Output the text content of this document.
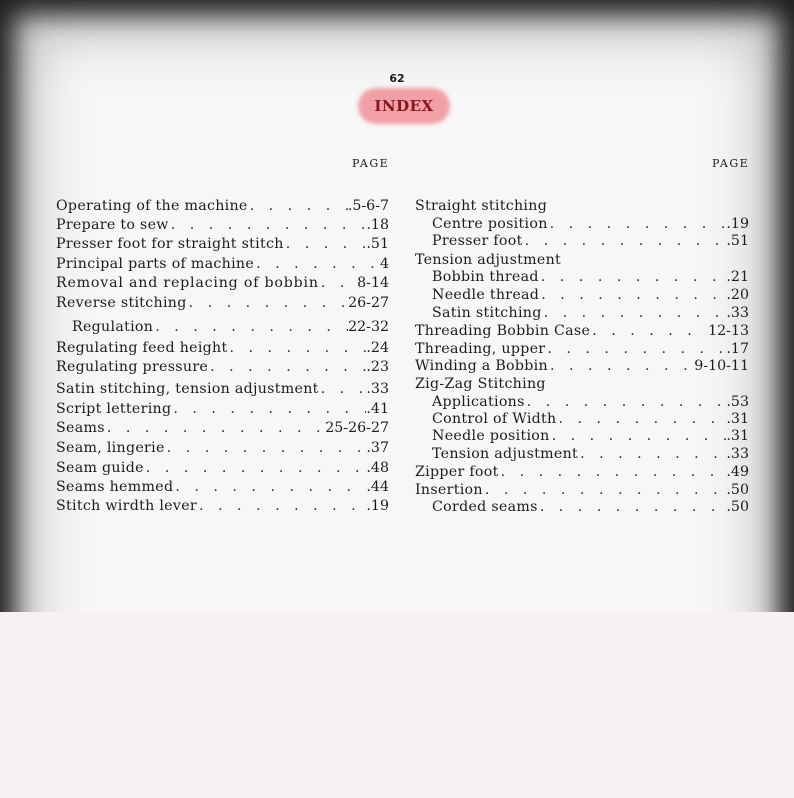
62
INDEX
PAGE	PAGE
Operating of the machine . . .	.5-6-7
Prepare to sew . . .	.18
Presser foot for straight stitch . . .	.51
Principal parts of machine . . .	4
Removal and replacing of bobbin . . .	8-14
Reverse stitching . . .	26-27
Regulation . . .	22-32
Regulating feed height . . .	.24
Regulating pressure . . .	.23
Satin stitching, tension adjustment . . .	.33
Script lettering . . .	.41
Seams . . .	25-26-27
Seam, lingerie . . .	.37
Seam guide . . .	.48
Seams hemmed . . .	.44
Stitch wirdth lever . . .	.19
Straight stitching
Centre position . . .	.19
Presser foot . . .	.51
Tension adjustment
Bobbin thread . . .	.21
Needle thread . . .	.20
Satin stitching . . .	.33
Threading Bobbin Case . . .	12-13
Threading, upper . . .	.17
Winding a Bobbin . . .	9-10-11
Zig-Zag Stitching
Applications . . .	.53
Control of Width . . .	.31
Needle position . . .	.31
Tension adjustment . . .	.33
Zipper foot . . .	.49
Insertion . . .	.50
Corded seams . . .	.50
